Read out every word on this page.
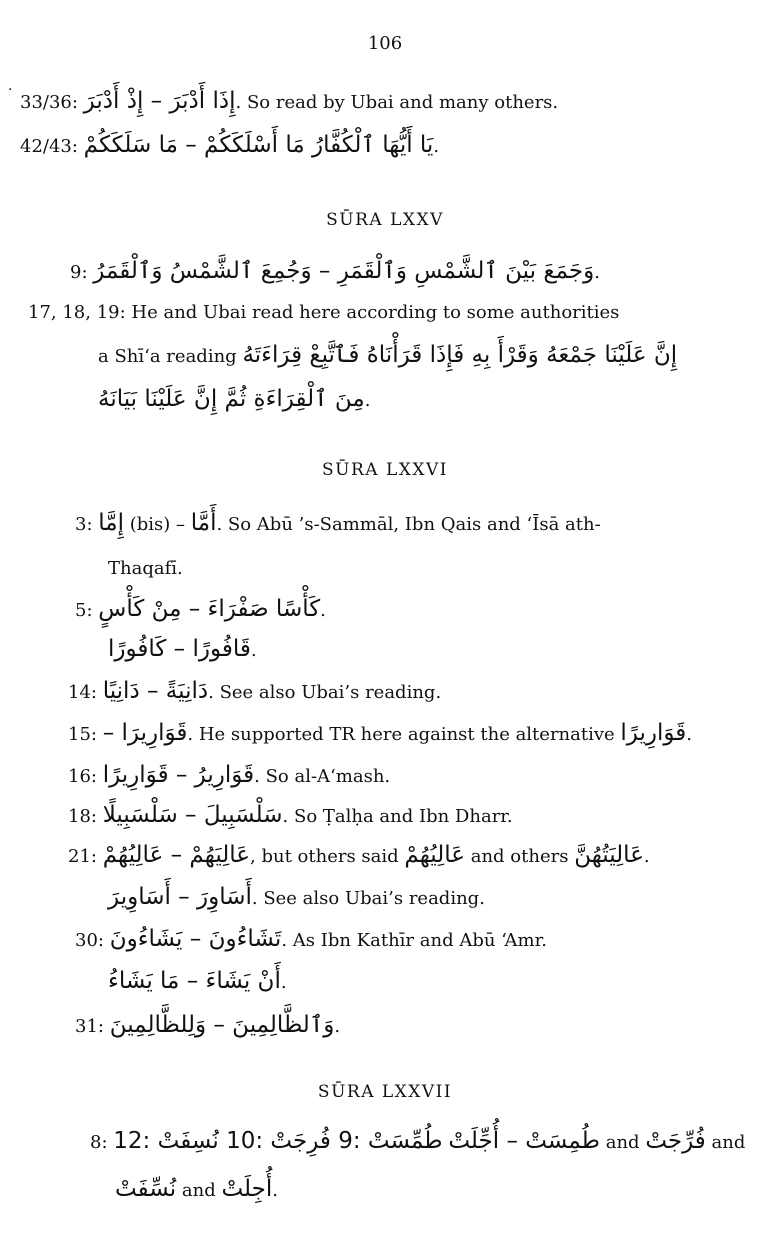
106
·
33/36: إِذَا أَدْبَرَ – إِذْ أَدْبَرَ. So read by Ubai and many others.
42/43: يَا أَيُّهَا ٱلْكُفَّارُ مَا أَسْلَكَكُمْ – مَا سَلَكَكُمْ.
SŪRA LXXV
9: وَجَمَعَ بَيْنَ ٱلشَّمْسِ وَٱلْقَمَرِ – وَجُمِعَ ٱلشَّمْسُ وَٱلْقَمَرُ.
17, 18, 19: He and Ubai read here according to some authorities
a Shī‘a reading إِنَّ عَلَيْنَا جَمْعَهُ وَقَرْأَ بِهِ فَإِذَا قَرَأْنَاهُ فَٱتَّبِعْ قِرَاءَتَهُ
مِنَ ٱلْقِرَاءَةِ ثُمَّ إِنَّ عَلَيْنَا بَيَانَهُ.
SŪRA LXXVI
3: إِمَّا (bis) – أَمَّا. So Abū ’s-Sammāl, Ibn Qais and ‘Īsā ath-
Thaqafī.
5: كَأْسًا صَفْرَاءَ – مِنْ كَأْسٍ.
قَافُورًا – كَافُورًا.
14: دَانِيَةً – دَانِيًا. See also Ubai’s reading.
15: قَوَارِيرَا –. He supported TR here against the alternative قَوَارِيرًا.
16: قَوَارِيرُ – قَوَارِيرًا. So al-A‘mash.
18: سَلْسَبِيلَ – سَلْسَبِيلًا. So Ṭalḥa and Ibn Dharr.
21: عَالِيَهُمْ – عَالِيُهُمْ, but others said عَالِيُهُمْ and others عَالِيَتُهُنَّ.
أَسَاوِرَ – أَسَاوِيرَ. See also Ubai’s reading.
30: تَشَاءُونَ – يَشَاءُونَ. As Ibn Kathīr and Abū ‘Amr.
أَنْ يَشَاءَ – مَا يَشَاءُ.
31: وَٱلظَّالِمِينَ – وَلِلظَّالِمِينَ.
SŪRA LXXVII
8: طُمِّسَتْ :9 فُرِجَتْ :10 نُسِفَتْ :12 طُمِسَتْ – أُجِّلَتْ and فُرِّجَتْ and
نُسِّفَتْ and أُجِلَتْ.
